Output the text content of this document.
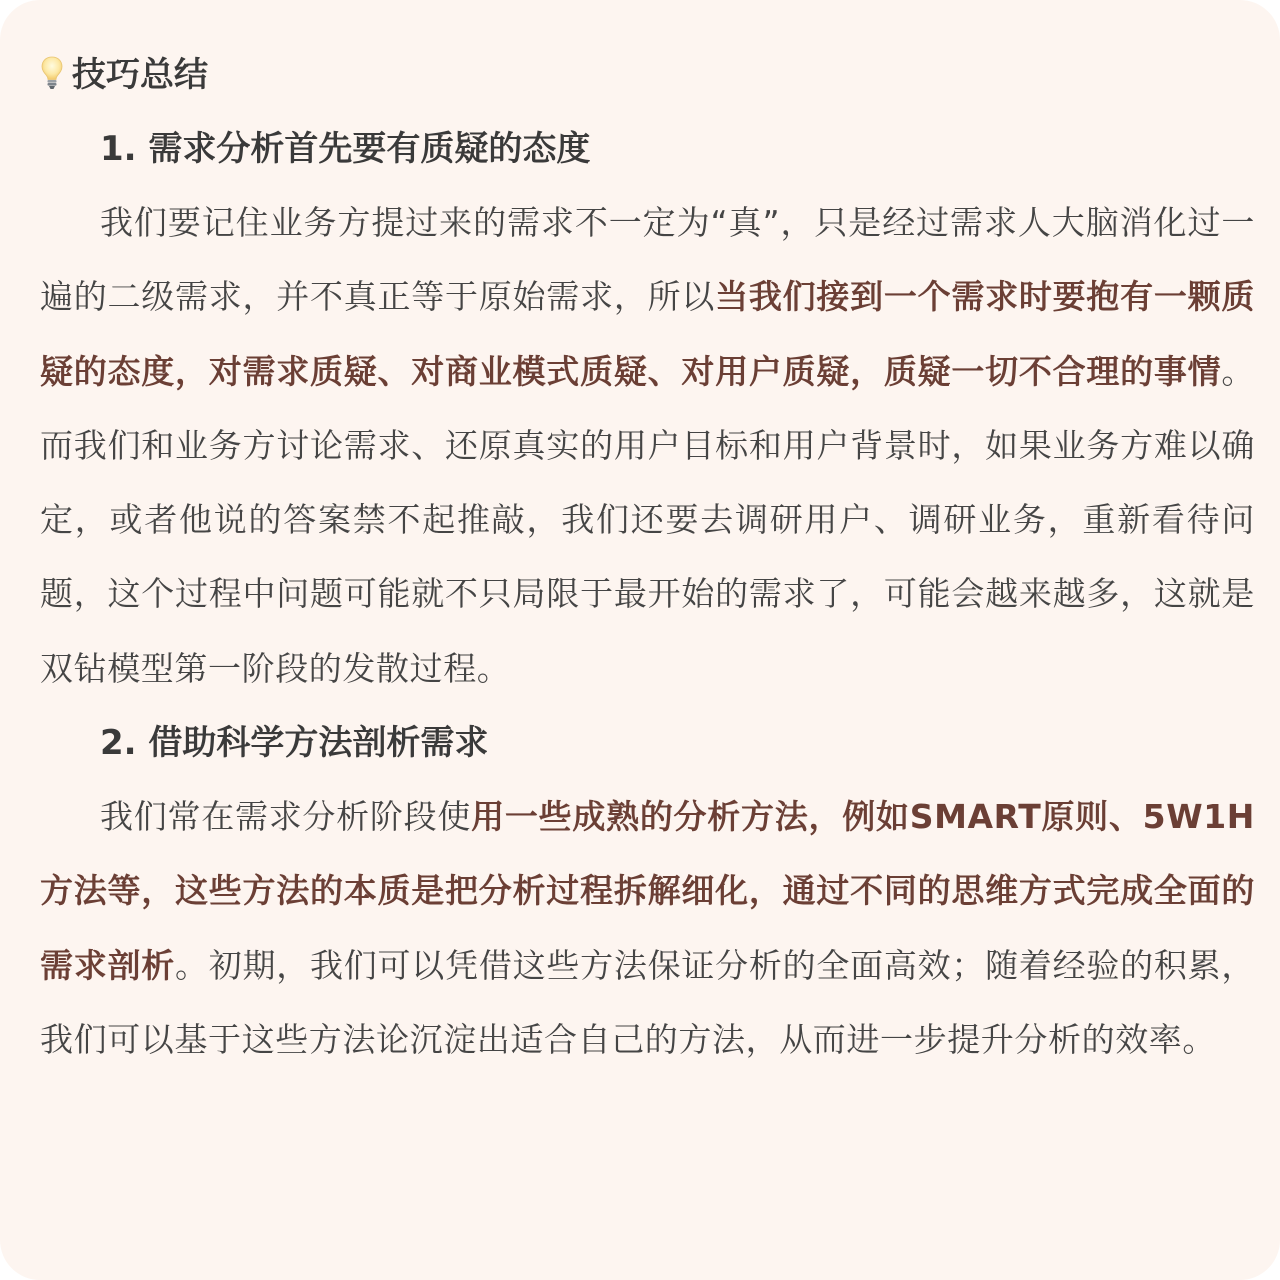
技巧总结
1. 需求分析首先要有质疑的态度

我们要记住业务方提过来的需求不一定为“真”，只是经过需求人大脑消化过一遍的二级需求，并不真正等于原始需求，所以当我们接到一个需求时要抱有一颗质疑的态度，对需求质疑、对商业模式质疑、对用户质疑，质疑一切不合理的事情。而我们和业务方讨论需求、还原真实的用户目标和用户背景时，如果业务方难以确定，或者他说的答案禁不起推敲，我们还要去调研用户、调研业务，重新看待问题，这个过程中问题可能就不只局限于最开始的需求了，可能会越来越多，这就是双钻模型第一阶段的发散过程。

2. 借助科学方法剖析需求

我们常在需求分析阶段使用一些成熟的分析方法，例如SMART原则、5W1H方法等，这些方法的本质是把分析过程拆解细化，通过不同的思维方式完成全面的需求剖析。初期，我们可以凭借这些方法保证分析的全面高效；随着经验的积累，我们可以基于这些方法论沉淀出适合自己的方法，从而进一步提升分析的效率。
